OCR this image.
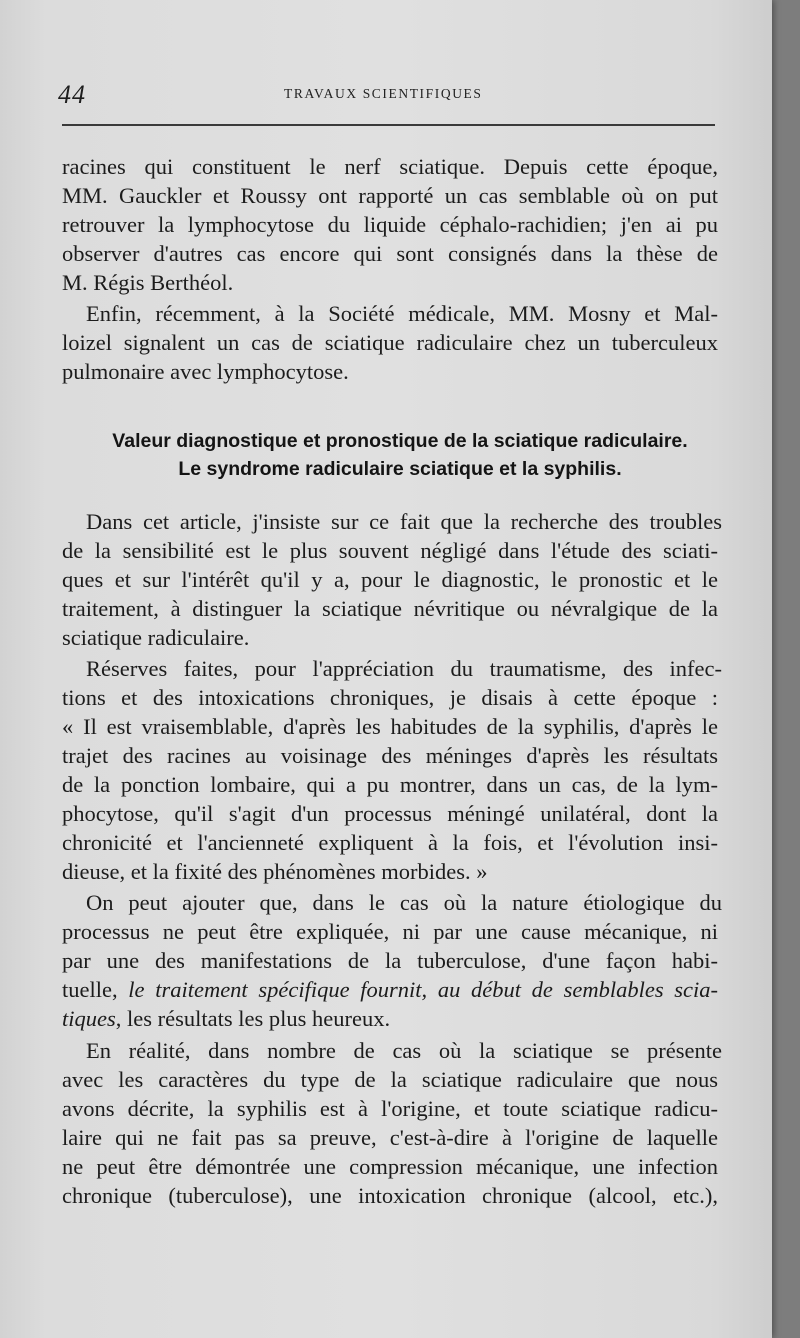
44	TRAVAUX SCIENTIFIQUES
racines qui constituent le nerf sciatique. Depuis cette époque,
MM. Gauckler et Roussy ont rapporté un cas semblable où on put
retrouver la lymphocytose du liquide céphalo-rachidien; j'en ai pu
observer d'autres cas encore qui sont consignés dans la thèse de
M. Régis Berthéol.
Enfin, récemment, à la Société médicale, MM. Mosny et Mal-
loizel signalent un cas de sciatique radiculaire chez un tuberculeux
pulmonaire avec lymphocytose.
Valeur diagnostique et pronostique de la sciatique radiculaire.
Le syndrome radiculaire sciatique et la syphilis.
Dans cet article, j'insiste sur ce fait que la recherche des troubles
de la sensibilité est le plus souvent négligé dans l'étude des sciati-
ques et sur l'intérêt qu'il y a, pour le diagnostic, le pronostic et le
traitement, à distinguer la sciatique névritique ou névralgique de la
sciatique radiculaire.
Réserves faites, pour l'appréciation du traumatisme, des infec-
tions et des intoxications chroniques, je disais à cette époque :
« Il est vraisemblable, d'après les habitudes de la syphilis, d'après le
trajet des racines au voisinage des méninges d'après les résultats
de la ponction lombaire, qui a pu montrer, dans un cas, de la lym-
phocytose, qu'il s'agit d'un processus méningé unilatéral, dont la
chronicité et l'ancienneté expliquent à la fois, et l'évolution insi-
dieuse, et la fixité des phénomènes morbides. »
On peut ajouter que, dans le cas où la nature étiologique du
processus ne peut être expliquée, ni par une cause mécanique, ni
par une des manifestations de la tuberculose, d'une façon habi-
tuelle, le traitement spécifique fournit, au début de semblables scia-
tiques, les résultats les plus heureux.
En réalité, dans nombre de cas où la sciatique se présente
avec les caractères du type de la sciatique radiculaire que nous
avons décrite, la syphilis est à l'origine, et toute sciatique radicu-
laire qui ne fait pas sa preuve, c'est-à-dire à l'origine de laquelle
ne peut être démontrée une compression mécanique, une infection
chronique (tuberculose), une intoxication chronique (alcool, etc.),
